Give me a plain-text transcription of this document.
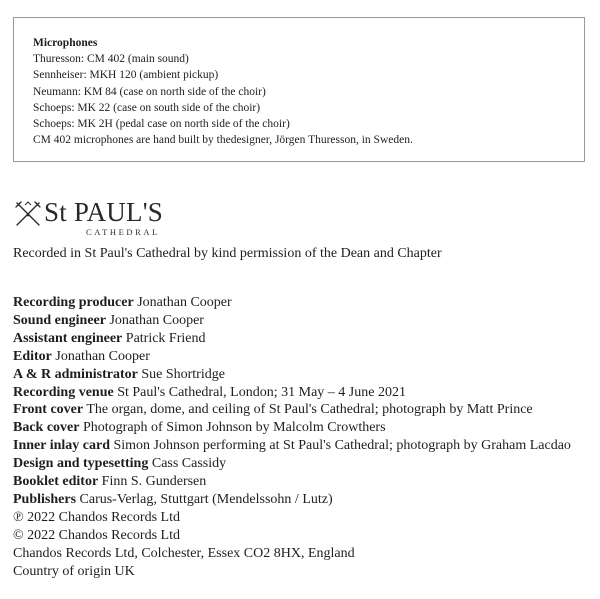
Microphones
Thuresson: CM 402 (main sound)
Sennheiser: MKH 120 (ambient pickup)
Neumann: KM 84 (case on north side of the choir)
Schoeps: MK 22 (case on south side of the choir)
Schoeps: MK 2H (pedal case on north side of the choir)
CM 402 microphones are hand built by thedesigner, Jörgen Thuresson, in Sweden.
St PAUL'S
CATHEDRAL
Recorded in St Paul's Cathedral by kind permission of the Dean and Chapter
Recording producer Jonathan Cooper
Sound engineer Jonathan Cooper
Assistant engineer Patrick Friend
Editor Jonathan Cooper
A & R administrator Sue Shortridge
Recording venue St Paul's Cathedral, London; 31 May – 4 June 2021
Front cover The organ, dome, and ceiling of St Paul's Cathedral; photograph by Matt Prince
Back cover Photograph of Simon Johnson by Malcolm Crowthers
Inner inlay card Simon Johnson performing at St Paul's Cathedral; photograph by Graham Lacdao
Design and typesetting Cass Cassidy
Booklet editor Finn S. Gundersen
Publishers Carus-Verlag, Stuttgart (Mendelssohn / Lutz)
℗ 2022 Chandos Records Ltd
© 2022 Chandos Records Ltd
Chandos Records Ltd, Colchester, Essex CO2 8HX, England
Country of origin UK
